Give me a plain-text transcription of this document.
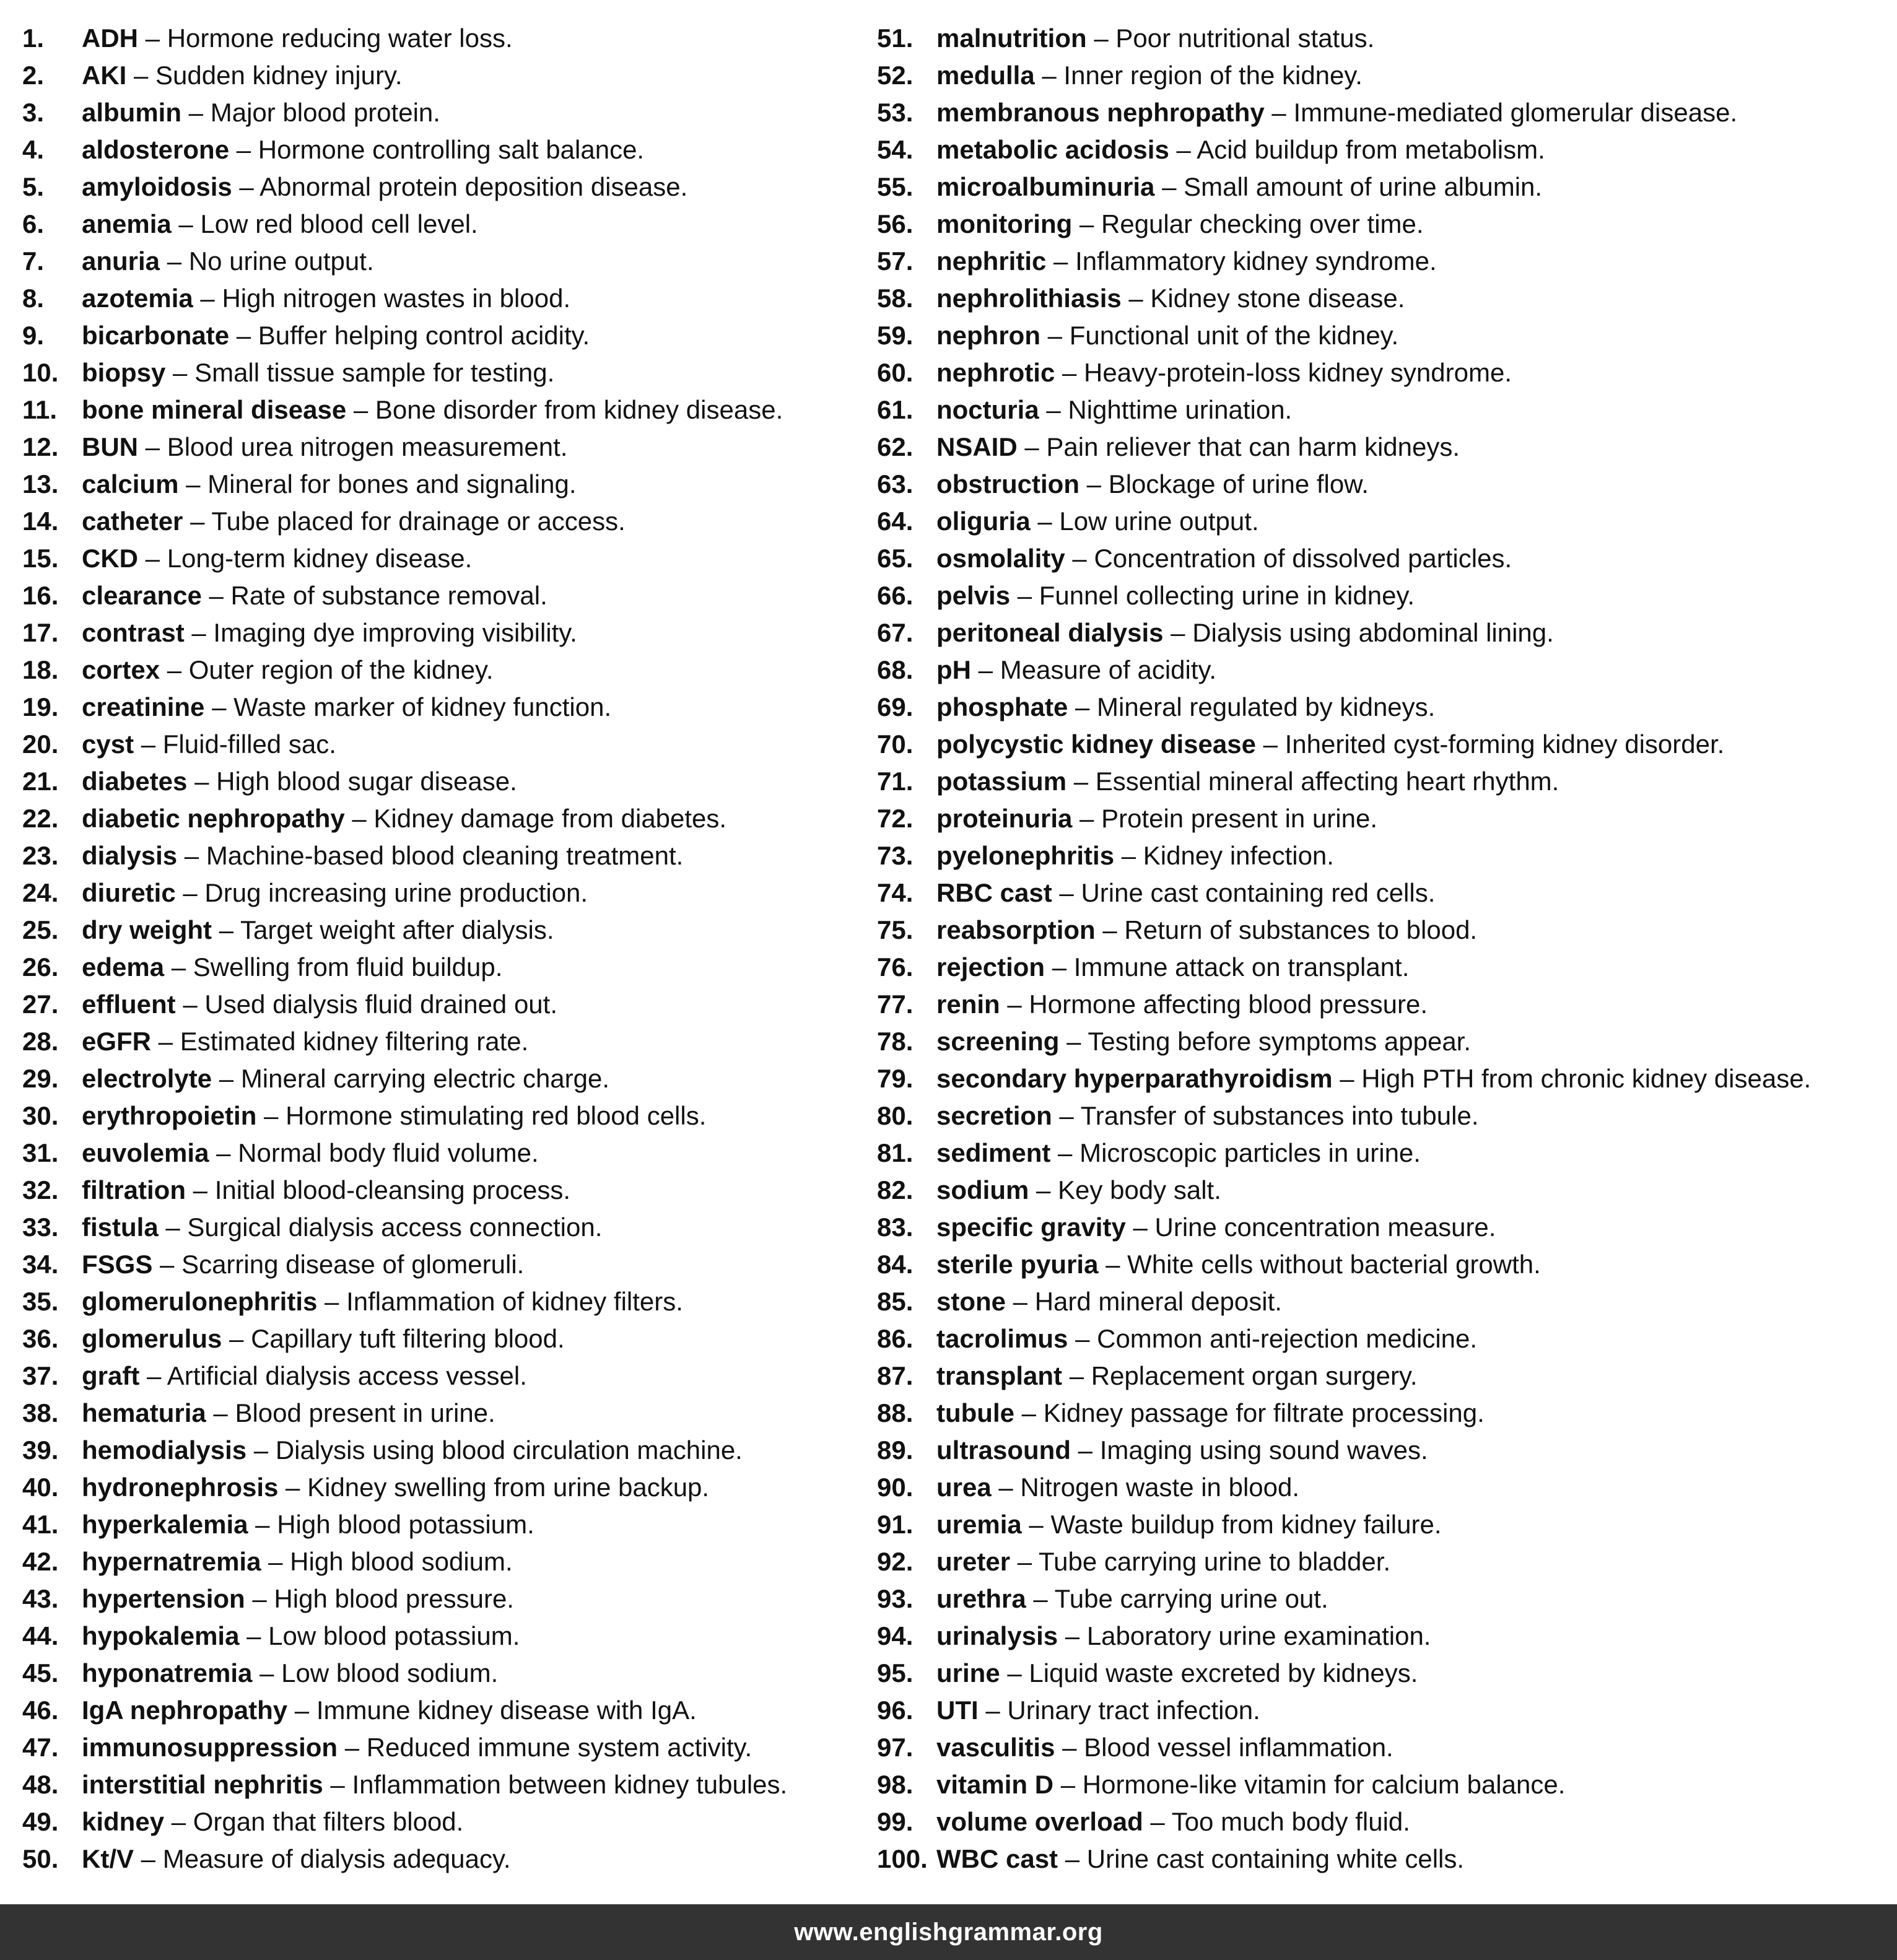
1.	ADH – Hormone reducing water loss.
2.	AKI – Sudden kidney injury.
3.	albumin – Major blood protein.
4.	aldosterone – Hormone controlling salt balance.
5.	amyloidosis – Abnormal protein deposition disease.
6.	anemia – Low red blood cell level.
7.	anuria – No urine output.
8.	azotemia – High nitrogen wastes in blood.
9.	bicarbonate – Buffer helping control acidity.
10. biopsy – Small tissue sample for testing.
11. bone mineral disease – Bone disorder from kidney disease.
12. BUN – Blood urea nitrogen measurement.
13. calcium – Mineral for bones and signaling.
14. catheter – Tube placed for drainage or access.
15. CKD – Long-term kidney disease.
16. clearance – Rate of substance removal.
17. contrast – Imaging dye improving visibility.
18. cortex – Outer region of the kidney.
19. creatinine – Waste marker of kidney function.
20. cyst – Fluid-filled sac.
21. diabetes – High blood sugar disease.
22. diabetic nephropathy – Kidney damage from diabetes.
23. dialysis – Machine-based blood cleaning treatment.
24. diuretic – Drug increasing urine production.
25. dry weight – Target weight after dialysis.
26. edema – Swelling from fluid buildup.
27. effluent – Used dialysis fluid drained out.
28. eGFR – Estimated kidney filtering rate.
29. electrolyte – Mineral carrying electric charge.
30. erythropoietin – Hormone stimulating red blood cells.
31. euvolemia – Normal body fluid volume.
32. filtration – Initial blood-cleansing process.
33. fistula – Surgical dialysis access connection.
34. FSGS – Scarring disease of glomeruli.
35. glomerulonephritis – Inflammation of kidney filters.
36. glomerulus – Capillary tuft filtering blood.
37. graft – Artificial dialysis access vessel.
38. hematuria – Blood present in urine.
39. hemodialysis – Dialysis using blood circulation machine.
40. hydronephrosis – Kidney swelling from urine backup.
41. hyperkalemia – High blood potassium.
42. hypernatremia – High blood sodium.
43. hypertension – High blood pressure.
44. hypokalemia – Low blood potassium.
45. hyponatremia – Low blood sodium.
46. IgA nephropathy – Immune kidney disease with IgA.
47. immunosuppression – Reduced immune system activity.
48. interstitial nephritis – Inflammation between kidney tubules.
49. kidney – Organ that filters blood.
50. Kt/V – Measure of dialysis adequacy.
51. malnutrition – Poor nutritional status.
52. medulla – Inner region of the kidney.
53. membranous nephropathy – Immune-mediated glomerular disease.
54. metabolic acidosis – Acid buildup from metabolism.
55. microalbuminuria – Small amount of urine albumin.
56. monitoring – Regular checking over time.
57. nephritic – Inflammatory kidney syndrome.
58. nephrolithiasis – Kidney stone disease.
59. nephron – Functional unit of the kidney.
60. nephrotic – Heavy-protein-loss kidney syndrome.
61. nocturia – Nighttime urination.
62. NSAID – Pain reliever that can harm kidneys.
63. obstruction – Blockage of urine flow.
64. oliguria – Low urine output.
65. osmolality – Concentration of dissolved particles.
66. pelvis – Funnel collecting urine in kidney.
67. peritoneal dialysis – Dialysis using abdominal lining.
68. pH – Measure of acidity.
69. phosphate – Mineral regulated by kidneys.
70. polycystic kidney disease – Inherited cyst-forming kidney disorder.
71. potassium – Essential mineral affecting heart rhythm.
72. proteinuria – Protein present in urine.
73. pyelonephritis – Kidney infection.
74. RBC cast – Urine cast containing red cells.
75. reabsorption – Return of substances to blood.
76. rejection – Immune attack on transplant.
77. renin – Hormone affecting blood pressure.
78. screening – Testing before symptoms appear.
79. secondary hyperparathyroidism – High PTH from chronic kidney disease.
80. secretion – Transfer of substances into tubule.
81. sediment – Microscopic particles in urine.
82. sodium – Key body salt.
83. specific gravity – Urine concentration measure.
84. sterile pyuria – White cells without bacterial growth.
85. stone – Hard mineral deposit.
86. tacrolimus – Common anti-rejection medicine.
87. transplant – Replacement organ surgery.
88. tubule – Kidney passage for filtrate processing.
89. ultrasound – Imaging using sound waves.
90. urea – Nitrogen waste in blood.
91. uremia – Waste buildup from kidney failure.
92. ureter – Tube carrying urine to bladder.
93. urethra – Tube carrying urine out.
94. urinalysis – Laboratory urine examination.
95. urine – Liquid waste excreted by kidneys.
96. UTI – Urinary tract infection.
97. vasculitis – Blood vessel inflammation.
98. vitamin D – Hormone-like vitamin for calcium balance.
99. volume overload – Too much body fluid.
100. WBC cast – Urine cast containing white cells.
www.englishgrammar.org
